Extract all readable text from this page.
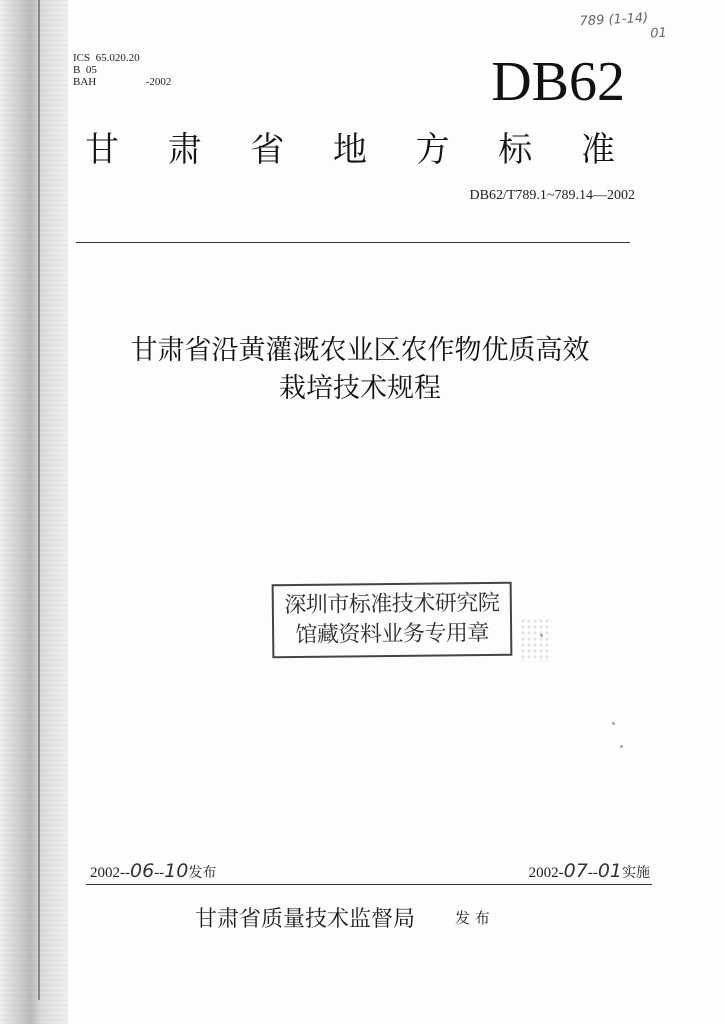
ICS  65.020.20
B  05
BAH                  -2002
789 (1-14)
01
DB62
甘 肃 省 地 方 标 准
DB62/T789.1~789.14—2002
甘肃省沿黄灌溉农业区农作物优质高效
栽培技术规程
深圳市标准技术研究院
馆藏资料业务专用章
2002--06--10发布	2002-07--01实施
甘肃省质量技术监督局	发 布
